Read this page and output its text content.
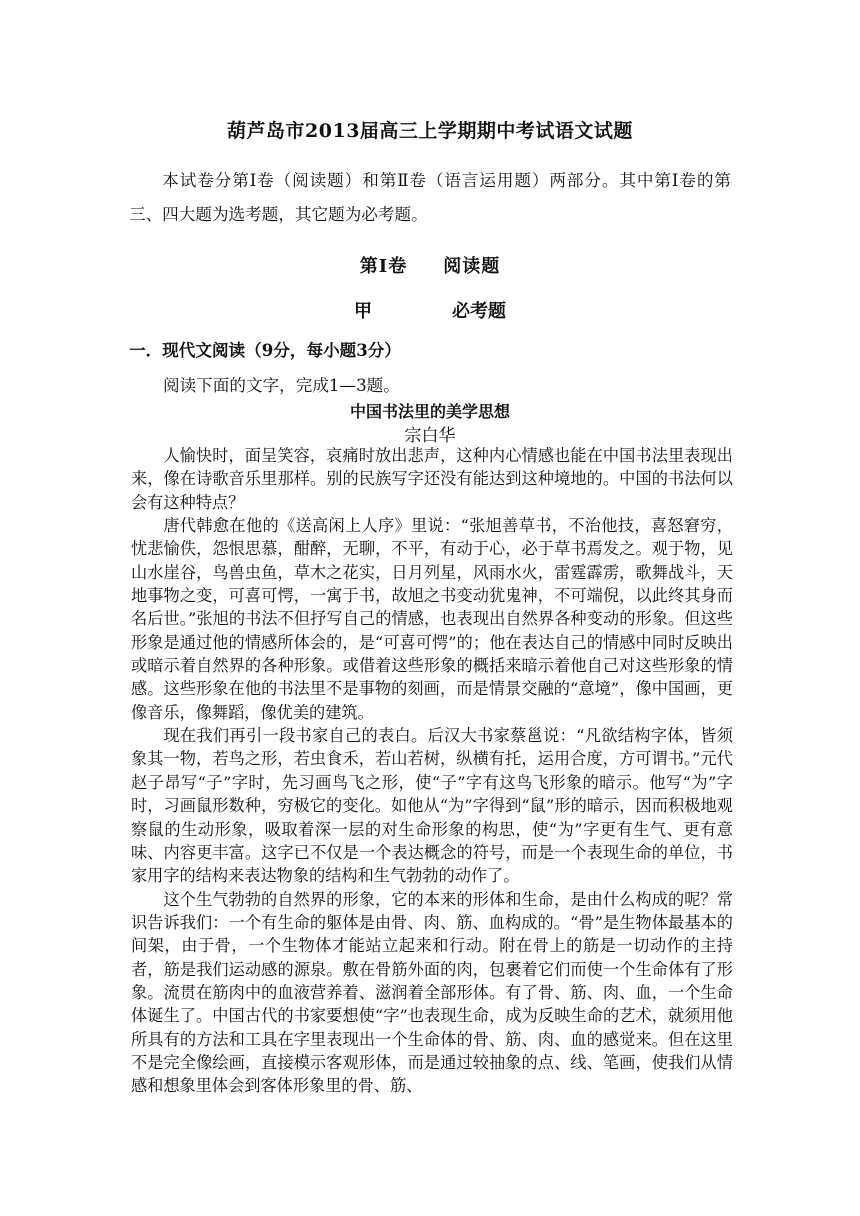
葫芦岛市2013届高三上学期期中考试语文试题
本试卷分第Ⅰ卷（阅读题）和第Ⅱ卷（语言运用题）两部分。其中第Ⅰ卷的第三、四大题为选考题，其它题为必考题。
第Ⅰ卷 阅读题
甲	必考题
一．现代文阅读（9分，每小题3分）
阅读下面的文字，完成1—3题。
中国书法里的美学思想
宗白华

人愉快时，面呈笑容，哀痛时放出悲声，这种内心情感也能在中国书法里表现出来，像在诗歌音乐里那样。别的民族写字还没有能达到这种境地的。中国的书法何以会有这种特点？

唐代韩愈在他的《送高闲上人序》里说：“张旭善草书，不治他技，喜怒窘穷，忧悲愉佚，怨恨思慕，酣醉，无聊，不平，有动于心，必于草书焉发之。观于物，见山水崖谷，鸟兽虫鱼，草木之花实，日月列星，风雨水火，雷霆霹雳，歌舞战斗，天地事物之变，可喜可愕，一寓于书，故旭之书变动犹鬼神，不可端倪，以此终其身而名后世。”张旭的书法不但抒写自己的情感，也表现出自然界各种变动的形象。但这些形象是通过他的情感所体会的，是“可喜可愕”的；他在表达自己的情感中同时反映出或暗示着自然界的各种形象。或借着这些形象的概括来暗示着他自己对这些形象的情感。这些形象在他的书法里不是事物的刻画，而是情景交融的“意境”，像中国画，更像音乐，像舞蹈，像优美的建筑。

现在我们再引一段书家自己的表白。后汉大书家蔡邕说：“凡欲结构字体，皆须象其一物，若鸟之形，若虫食禾，若山若树，纵横有托，运用合度，方可谓书。”元代赵子昂写“子”字时，先习画鸟飞之形，使“子”字有这鸟飞形象的暗示。他写“为”字时，习画鼠形数种，穷极它的变化。如他从“为”字得到“鼠”形的暗示，因而积极地观察鼠的生动形象，吸取着深一层的对生命形象的构思，使“为”字更有生气、更有意味、内容更丰富。这字已不仅是一个表达概念的符号，而是一个表现生命的单位，书家用字的结构来表达物象的结构和生气勃勃的动作了。

这个生气勃勃的自然界的形象，它的本来的形体和生命，是由什么构成的呢？常识告诉我们：一个有生命的躯体是由骨、肉、筋、血构成的。“骨”是生物体最基本的间架，由于骨，一个生物体才能站立起来和行动。附在骨上的筋是一切动作的主持者，筋是我们运动感的源泉。敷在骨筋外面的肉，包裹着它们而使一个生命体有了形象。流贯在筋肉中的血液营养着、滋润着全部形体。有了骨、筋、肉、血，一个生命体诞生了。中国古代的书家要想使“字”也表现生命，成为反映生命的艺术，就须用他所具有的方法和工具在字里表现出一个生命体的骨、筋、肉、血的感觉来。但在这里不是完全像绘画，直接模示客观形体，而是通过较抽象的点、线、笔画，使我们从情感和想象里体会到客体形象里的骨、筋、
